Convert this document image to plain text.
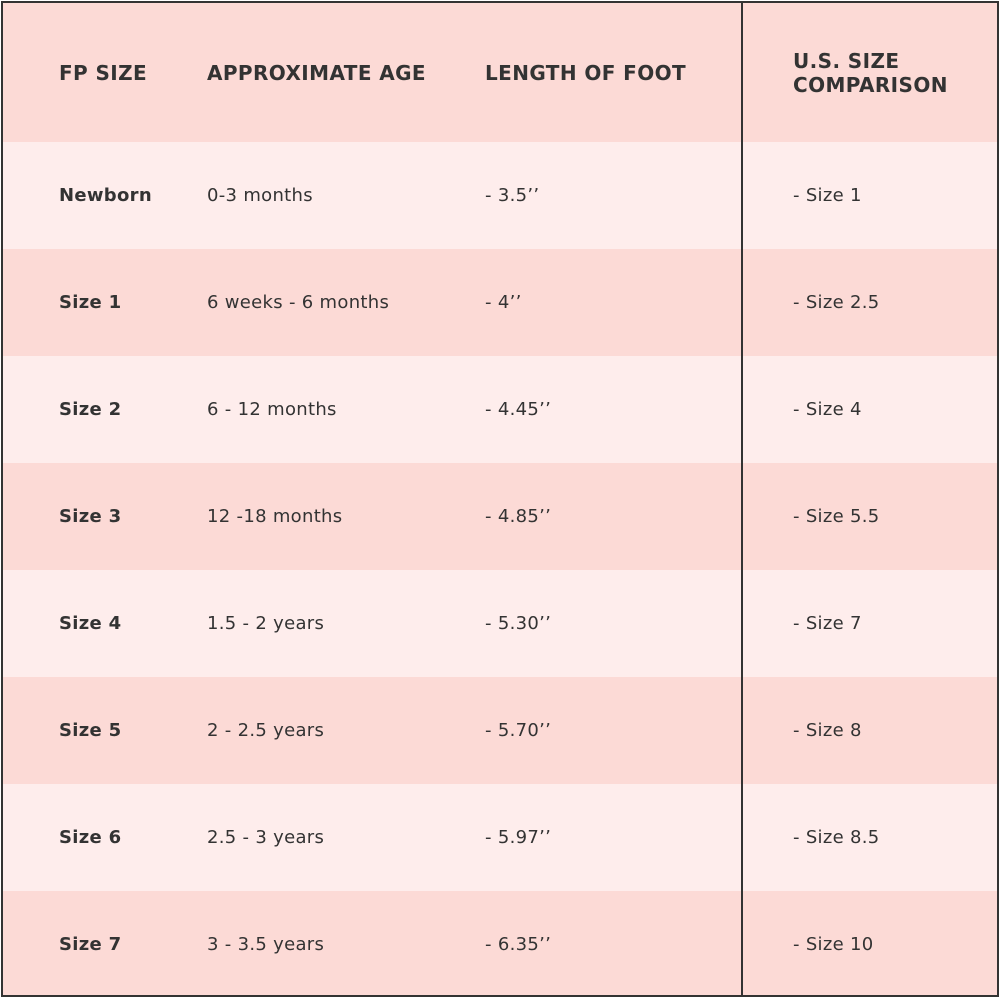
FP SIZE	APPROXIMATE AGE	LENGTH OF FOOT	U.S. SIZE
COMPARISON
Newborn	0-3 months	- 3.5’’	- Size 1
Size 1	6 weeks - 6 months	- 4’’	- Size 2.5
Size 2	6 - 12 months	- 4.45’’	- Size 4
Size 3	12 -18 months	- 4.85’’	- Size 5.5
Size 4	1.5 - 2 years	- 5.30’’	- Size 7
Size 5	2 - 2.5 years	- 5.70’’	- Size 8
Size 6	2.5 - 3 years	- 5.97’’	- Size 8.5
Size 7	3 - 3.5 years	- 6.35’’	- Size 10
